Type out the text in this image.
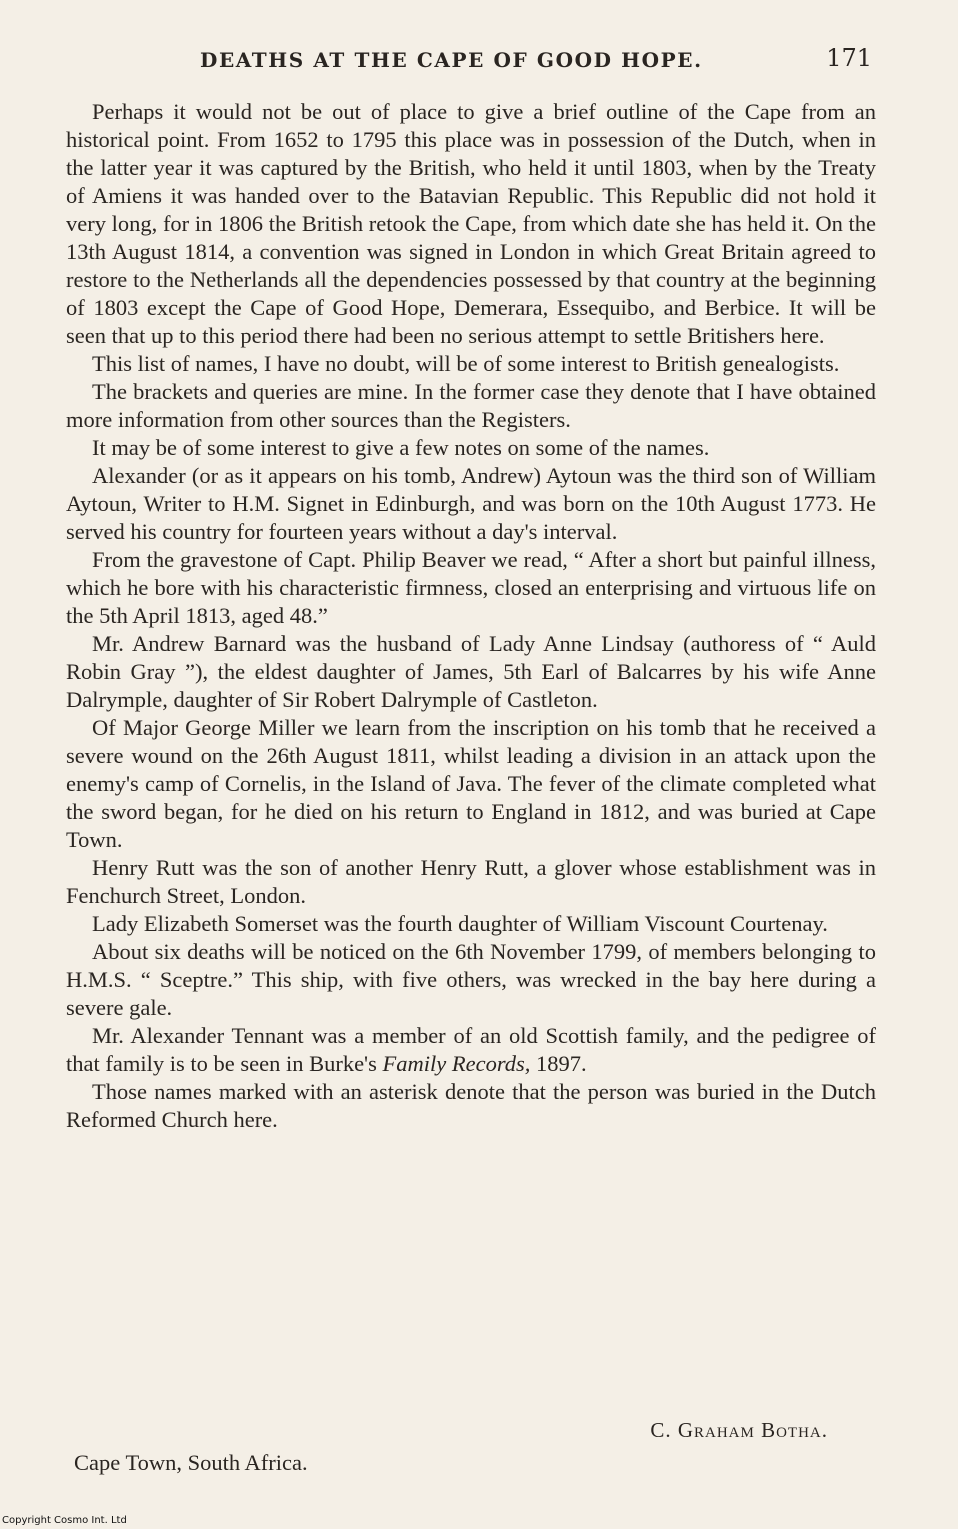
DEATHS AT THE CAPE OF GOOD HOPE.	171

Perhaps it would not be out of place to give a brief outline of the Cape from an historical point. From 1652 to 1795 this place was in possession of the Dutch, when in the latter year it was captured by the British, who held it until 1803, when by the Treaty of Amiens it was handed over to the Batavian Republic. This Republic did not hold it very long, for in 1806 the British retook the Cape, from which date she has held it. On the 13th August 1814, a convention was signed in London in which Great Britain agreed to restore to the Netherlands all the dependencies possessed by that country at the beginning of 1803 except the Cape of Good Hope, Demerara, Essequibo, and Berbice. It will be seen that up to this period there had been no serious attempt to settle Britishers here.

This list of names, I have no doubt, will be of some interest to British genealogists.

The brackets and queries are mine. In the former case they denote that I have obtained more information from other sources than the Registers.

It may be of some interest to give a few notes on some of the names.

Alexander (or as it appears on his tomb, Andrew) Aytoun was the third son of William Aytoun, Writer to H.M. Signet in Edinburgh, and was born on the 10th August 1773. He served his country for fourteen years without a day's interval.

From the gravestone of Capt. Philip Beaver we read, “ After a short but painful illness, which he bore with his characteristic firmness, closed an enterprising and virtuous life on the 5th April 1813, aged 48.”

Mr. Andrew Barnard was the husband of Lady Anne Lindsay (authoress of “ Auld Robin Gray ”), the eldest daughter of James, 5th Earl of Balcarres by his wife Anne Dalrymple, daughter of Sir Robert Dalrymple of Castleton.

Of Major George Miller we learn from the inscription on his tomb that he received a severe wound on the 26th August 1811, whilst leading a division in an attack upon the enemy's camp of Cornelis, in the Island of Java. The fever of the climate completed what the sword began, for he died on his return to England in 1812, and was buried at Cape Town.

Henry Rutt was the son of another Henry Rutt, a glover whose establishment was in Fenchurch Street, London.

Lady Elizabeth Somerset was the fourth daughter of William Viscount Courtenay.

About six deaths will be noticed on the 6th November 1799, of members belonging to H.M.S. “ Sceptre.” This ship, with five others, was wrecked in the bay here during a severe gale.

Mr. Alexander Tennant was a member of an old Scottish family, and the pedigree of that family is to be seen in Burke's Family Records, 1897.

Those names marked with an asterisk denote that the person was buried in the Dutch Reformed Church here.

C. Graham Botha.
Cape Town, South Africa.
Copyright Cosmo Int. Ltd
